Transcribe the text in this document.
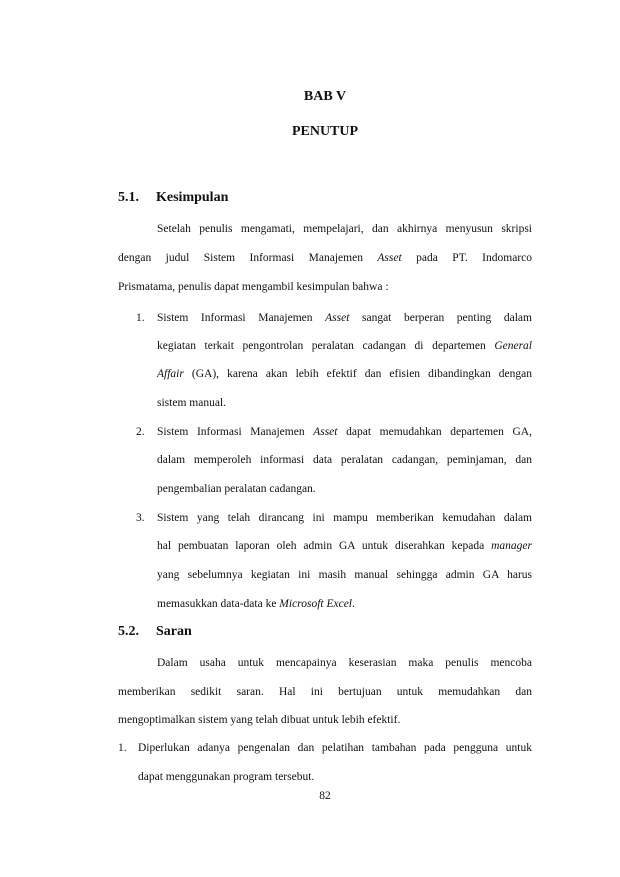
BAB V
PENUTUP
5.1. Kesimpulan
Setelah penulis mengamati, mempelajari, dan akhirnya menyusun skripsi
dengan judul Sistem Informasi Manajemen Asset pada PT. Indomarco
Prismatama, penulis dapat mengambil kesimpulan bahwa :
1. Sistem Informasi Manajemen Asset sangat berperan penting dalam
kegiatan terkait pengontrolan peralatan cadangan di departemen General
Affair (GA), karena akan lebih efektif dan efisien dibandingkan dengan
sistem manual.
2. Sistem Informasi Manajemen Asset dapat memudahkan departemen GA,
dalam memperoleh informasi data peralatan cadangan, peminjaman, dan
pengembalian peralatan cadangan.
3. Sistem yang telah dirancang ini mampu memberikan kemudahan dalam
hal pembuatan laporan oleh admin GA untuk diserahkan kepada manager
yang sebelumnya kegiatan ini masih manual sehingga admin GA harus
memasukkan data-data ke Microsoft Excel.
5.2. Saran
Dalam usaha untuk mencapainya keserasian maka penulis mencoba
memberikan sedikit saran. Hal ini bertujuan untuk memudahkan dan
mengoptimalkan sistem yang telah dibuat untuk lebih efektif.
1. Diperlukan adanya pengenalan dan pelatihan tambahan pada pengguna untuk
dapat menggunakan program tersebut.
82
